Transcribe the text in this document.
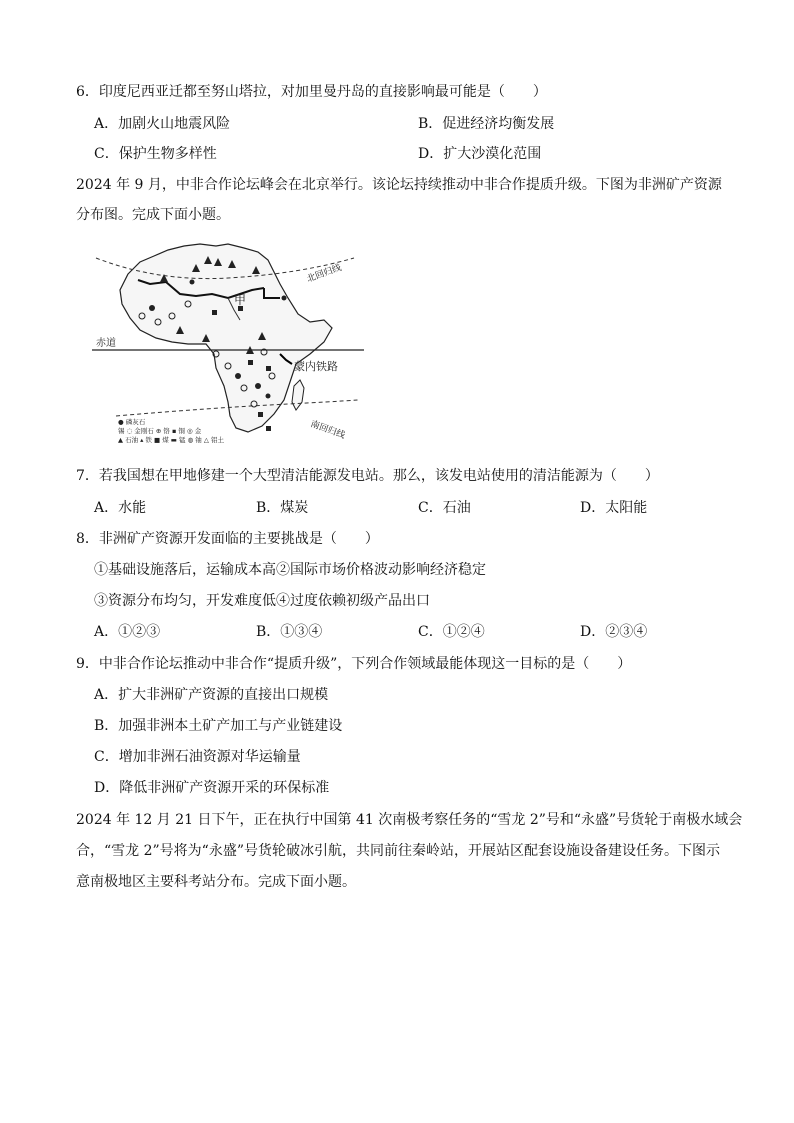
6．印度尼西亚迁都至努山塔拉，对加里曼丹岛的直接影响最可能是（　　）
A．加剧火山地震风险	B．促进经济均衡发展
C．保护生物多样性	D．扩大沙漠化范围
2024 年 9 月，中非合作论坛峰会在北京举行。该论坛持续推动中非合作提质升级。下图为非洲矿产资源
分布图。完成下面小题。
● 磷灰石
锡 ◌ 金刚石 ⊕ 铬 ▪ 铜 ◎ 金
▲ 石油 ▴ 铁 ■ 煤 ▬ 锰 ◍ 铀 △ 铝土
赤道
甲
蒙内铁路
北回归线
南回归线
7．若我国想在甲地修建一个大型清洁能源发电站。那么，该发电站使用的清洁能源为（　　）
A．水能	B．煤炭	C．石油	D．太阳能
8．非洲矿产资源开发面临的主要挑战是（　　）
①基础设施落后，运输成本高②国际市场价格波动影响经济稳定
③资源分布均匀，开发难度低④过度依赖初级产品出口
A．①②③	B．①③④	C．①②④	D．②③④
9．中非合作论坛推动中非合作“提质升级”，下列合作领域最能体现这一目标的是（　　）
A．扩大非洲矿产资源的直接出口规模
B．加强非洲本土矿产加工与产业链建设
C．增加非洲石油资源对华运输量
D．降低非洲矿产资源开采的环保标准
2024 年 12 月 21 日下午，正在执行中国第 41 次南极考察任务的“雪龙 2”号和“永盛”号货轮于南极水域会
合，“雪龙 2”号将为“永盛”号货轮破冰引航，共同前往秦岭站，开展站区配套设施设备建设任务。下图示
意南极地区主要科考站分布。完成下面小题。
